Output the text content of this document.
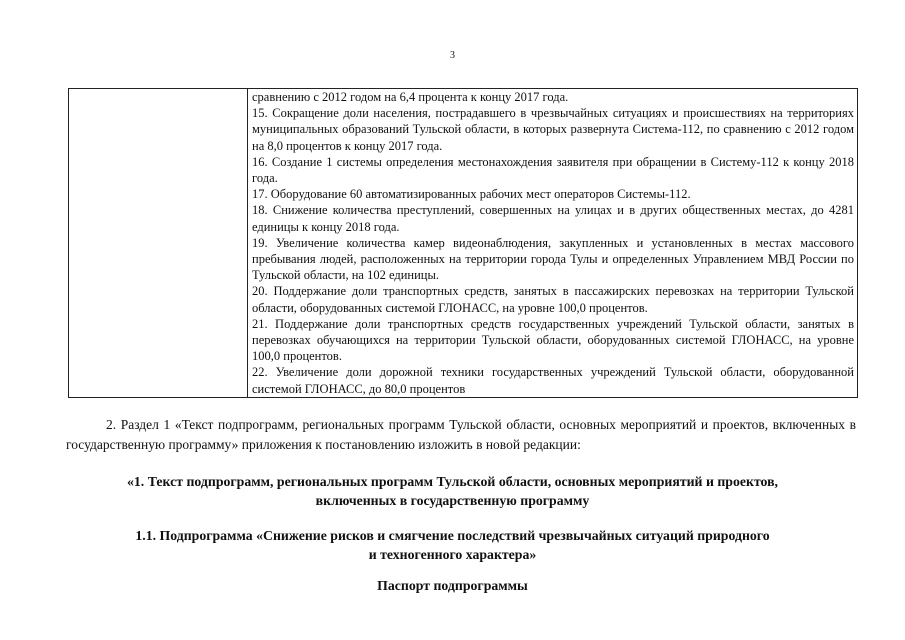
3

сравнению с 2012 годом на 6,4 процента к концу 2017 года.
15. Сокращение доли населения, пострадавшего в чрезвычайных ситуациях и происшествиях на территориях муниципальных образований Тульской области, в которых развернута Система-112, по сравнению с 2012 годом на 8,0 процентов к концу 2017 года.
16. Создание 1 системы определения местонахождения заявителя при обращении в Систему-112 к концу 2018 года.
17. Оборудование 60 автоматизированных рабочих мест операторов Системы-112.
18. Снижение количества преступлений, совершенных на улицах и в других общественных местах, до 4281 единицы к концу 2018 года.
19. Увеличение количества камер видеонаблюдения, закупленных и установленных в местах массового пребывания людей, расположенных на территории города Тулы и определенных Управлением МВД России по Тульской области, на 102 единицы.
20. Поддержание доли транспортных средств, занятых в пассажирских перевозках на территории Тульской области, оборудованных системой ГЛОНАСС, на уровне 100,0 процентов.
21. Поддержание доли транспортных средств государственных учреждений Тульской области, занятых в перевозках обучающихся на территории Тульской области, оборудованных системой ГЛОНАСС, на уровне 100,0 процентов.
22. Увеличение доли дорожной техники государственных учреждений Тульской области, оборудованной системой ГЛОНАСС, до 80,0 процентов
2. Раздел 1 «Текст подпрограмм, региональных программ Тульской области, основных мероприятий и проектов, включенных в государственную программу» приложения к постановлению изложить в новой редакции:
«1. Текст подпрограмм, региональных программ Тульской области, основных мероприятий и проектов, включенных в государственную программу
1.1. Подпрограмма «Снижение рисков и смягчение последствий чрезвычайных ситуаций природного и техногенного характера»
Паспорт подпрограммы
